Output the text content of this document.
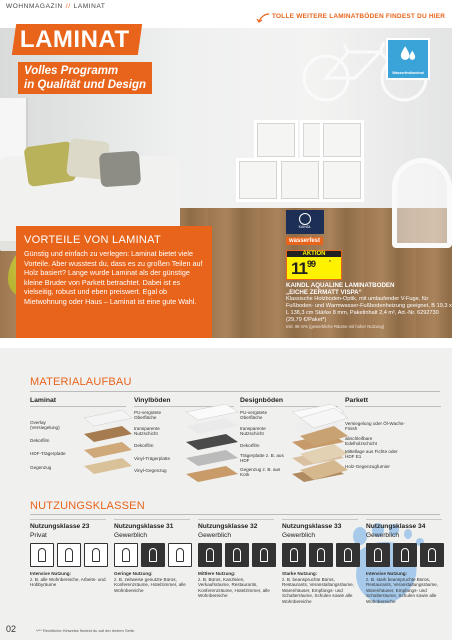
WOHNMAGAZIN // LAMINAT
TOLLE WEITERE LAMINATBÖDEN FINDEST DU HIER
LAMINAT
Volles Programm
in Qualität und Design
Wasserfestlaminat
VORTEILE VON LAMINAT

Günstig und einfach zu verlegen: Laminat bietet viele Vorteile. Aber wusstest du, dass es zu großen Teilen auf Holz basiert? Lange wurde Laminat als der günstige kleine Bruder von Parkett betrachtet. Dabei ist es vielseitig, robust und eben preiswert. Egal ob Mietwohnung oder Haus – Laminat ist eine gute Wahl.

KAINDL
wasserfest
AKTION
$11^{99}$	*
KAINDL AQUALINE LAMINATBODEN
„EICHE ZERMATT VISPA“
Klassische Holzboden-Optik, mit umlaufender V-Fuge, für Fußboden- und Warmwasser-Fußbodenheizung geeignet, B 19,3 x L 138,3 cm Stärke 8 mm, Paketinhalt 2,4 m², Art.-Nr. 6292730 (29,79 €/Paket*)
Inkl. 98 m% (gewerbliche Räume mit hoher Nutzung)
MATERIALAUFBAU
Laminat	Vinylböden	Designböden	Parkett
Overlay (Versiegelung)
Dekorfilm
HDF-Trägerplatte
Gegenzug
PU-vergütete Oberfläche
transparente Nutzschicht
Dekorfilm
Vinyl-Trägerplatte
Vinyl-Gegenzug
PU-vergütete Oberfläche
transparente Nutzschicht
Dekorfilm
Trägerplatte z. B. aus HDF
Gegenzug z. B. aus Kork
Versiegelung oder Öl-Wachs-Finish
abschleifbare Edelholzschicht
Mittellage aus Fichte oder HDF E1
Holz-Gegenzugfurnier
NUTZUNGSKLASSEN
Nutzungsklasse 23
Privat
Intensive Nutzung:
z. B. alle Wohnbereiche, Arbeits- und Hobbyräume
Nutzungsklasse 31
Gewerblich
Geringe Nutzung:
z. B. zeitweise genutzte Büros, Konferenzräume, Hotelzimmer, alle Wohnbereiche
Nutzungsklasse 32
Gewerblich
Mittlere Nutzung:
z. B. Büros, Kanzleien, Verkaufsräume, Restaurants, Konferenzräume, Hotelzimmer, alle Wohnbereiche
Nutzungsklasse 33
Gewerblich
Starke Nutzung:
z. B. beanspruchte Büros, Restaurants, Veranstaltungsräume, Warenhäuser, Empfangs- und Schalterräume, Schulen sowie alle Wohnbereiche
Nutzungsklasse 34
Gewerblich
Intensive Nutzung:
z. B. stark beanspruchte Büros, Restaurants, Veranstaltungsräume, Warenhäuser, Empfangs- und Schalterräume, Schulen sowie alle Wohnbereiche
02	*/** Rechtliche Hinweise findest du auf der letzten Seite.
